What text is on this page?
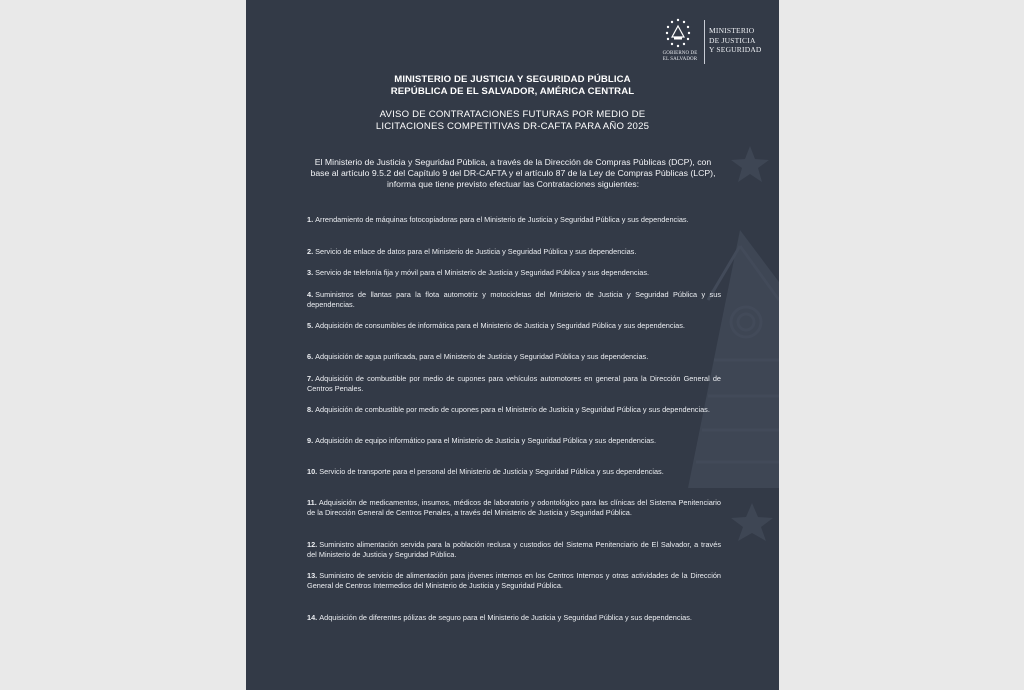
GOBIERNO DE EL SALVADOR
MINISTERIO
DE JUSTICIA
Y SEGURIDAD
MINISTERIO DE JUSTICIA Y SEGURIDAD PÚBLICA
REPÚBLICA DE EL SALVADOR, AMÉRICA CENTRAL
AVISO DE CONTRATACIONES FUTURAS POR MEDIO DE
LICITACIONES COMPETITIVAS DR-CAFTA PARA AÑO 2025
El Ministerio de Justicia y Seguridad Pública, a través de la Dirección de Compras Públicas (DCP), con base al artículo 9.5.2 del Capítulo 9 del DR-CAFTA y el artículo 87 de la Ley de Compras Públicas (LCP), informa que tiene previsto efectuar las Contrataciones siguientes:
1. Arrendamiento de máquinas fotocopiadoras para el Ministerio de Justicia y Seguridad Pública y sus dependencias.
2. Servicio de enlace de datos para el Ministerio de Justicia y Seguridad Pública y sus dependencias.
3. Servicio de telefonía fija y móvil para el Ministerio de Justicia y Seguridad Pública y sus dependencias.
4. Suministros de llantas para la flota automotriz y motocicletas del Ministerio de Justicia y Seguridad Pública y sus dependencias.
5. Adquisición de consumibles de informática para el Ministerio de Justicia y Seguridad Pública y sus dependencias.
6. Adquisición de agua purificada, para el Ministerio de Justicia y Seguridad Pública y sus dependencias.
7. Adquisición de combustible por medio de cupones para vehículos automotores en general para la Dirección General de Centros Penales.
8. Adquisición de combustible por medio de cupones para el Ministerio de Justicia y Seguridad Pública y sus dependencias.
9. Adquisición de equipo informático para el Ministerio de Justicia y Seguridad Pública y sus dependencias.
10. Servicio de transporte para el personal del Ministerio de Justicia y Seguridad Pública y sus dependencias.
11. Adquisición de medicamentos, insumos, médicos de laboratorio y odontológico para las clínicas del Sistema Penitenciario de la Dirección General de Centros Penales, a través del Ministerio de Justicia y Seguridad Pública.
12. Suministro alimentación servida para la población reclusa y custodios del Sistema Penitenciario de El Salvador, a través del Ministerio de Justicia y Seguridad Pública.
13. Suministro de servicio de alimentación para jóvenes internos en los Centros Internos y otras actividades de la Dirección General de Centros Intermedios del Ministerio de Justicia y Seguridad Pública.
14. Adquisición de diferentes pólizas de seguro para el Ministerio de Justicia y Seguridad Pública y sus dependencias.
